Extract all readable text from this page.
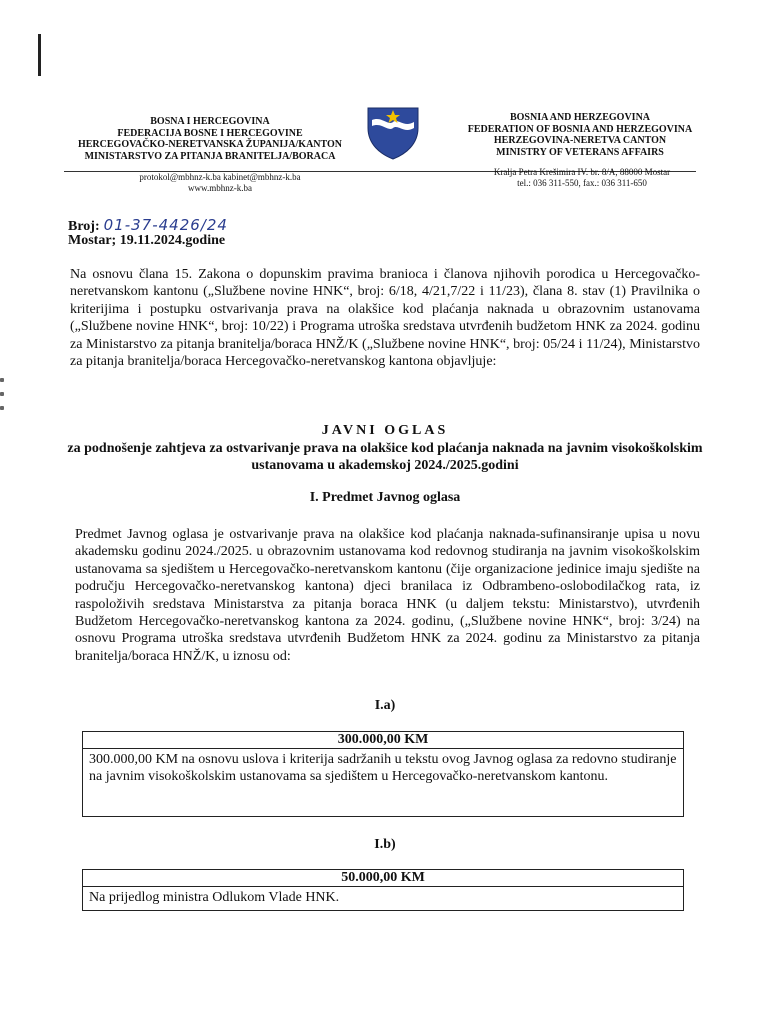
BOSNA I HERCEGOVINA
FEDERACIJA BOSNE I HERCEGOVINE
HERCEGOVAČKO-NERETVANSKA ŽUPANIJA/KANTON
MINISTARSTVO ZA PITANJA BRANITELJA/BORACA
BOSNIA AND HERZEGOVINA
FEDERATION OF BOSNIA AND HERZEGOVINA
HERZEGOVINA-NERETVA CANTON
MINISTRY OF VETERANS AFFAIRS
protokol@mbhnz-k.ba kabinet@mbhnz-k.ba
www.mbhnz-k.ba
Kralja Petra Krešimira IV. br. 8/A, 88000 Mostar
tel.: 036 311-550, fax.: 036 311-650
Broj: 01-37-4426/24
Mostar; 19.11.2024.godine
Na osnovu člana 15. Zakona o dopunskim pravima branioca i članova njihovih porodica u Hercegovačko-neretvanskom kantonu („Službene novine HNK“, broj: 6/18, 4/21,7/22 i 11/23), člana 8. stav (1) Pravilnika o kriterijima i postupku ostvarivanja prava na olakšice kod plaćanja naknada u obrazovnim ustanovama („Službene novine HNK“, broj: 10/22) i Programa utroška sredstava utvrđenih budžetom HNK za 2024. godinu za Ministarstvo za pitanja branitelja/boraca HNŽ/K („Službene novine HNK“, broj: 05/24 i 11/24), Ministarstvo za pitanja branitelja/boraca Hercegovačko-neretvanskog kantona objavljuje:
JAVNI OGLAS
za podnošenje zahtjeva za ostvarivanje prava na olakšice kod plaćanja naknada na javnim visokoškolskim ustanovama u akademskoj 2024./2025.godini
I. Predmet Javnog oglasa
Predmet Javnog oglasa je ostvarivanje prava na olakšice kod plaćanja naknada-sufinansiranje upisa u novu akademsku godinu 2024./2025. u obrazovnim ustanovama kod redovnog studiranja na javnim visokoškolskim ustanovama sa sjedištem u Hercegovačko-neretvanskom kantonu (čije organizacione jedinice imaju sjedište na području Hercegovačko-neretvanskog kantona) djeci branilaca iz Odbrambeno-oslobodilačkog rata, iz raspoloživih sredstava Ministarstva za pitanja boraca HNK (u daljem tekstu: Ministarstvo), utvrđenih Budžetom Hercegovačko-neretvanskog kantona za 2024. godinu, („Službene novine HNK“, broj: 3/24) na osnovu Programa utroška sredstava utvrđenih Budžetom HNK za 2024. godinu za Ministarstvo za pitanja branitelja/boraca HNŽ/K, u iznosu od:
I.a)
300.000,00 KM
300.000,00 KM na osnovu uslova i kriterija sadržanih u tekstu ovog Javnog oglasa za redovno studiranje na javnim visokoškolskim ustanovama sa sjedištem u Hercegovačko-neretvanskom kantonu.
I.b)
50.000,00 KM
Na prijedlog ministra Odlukom Vlade HNK.
